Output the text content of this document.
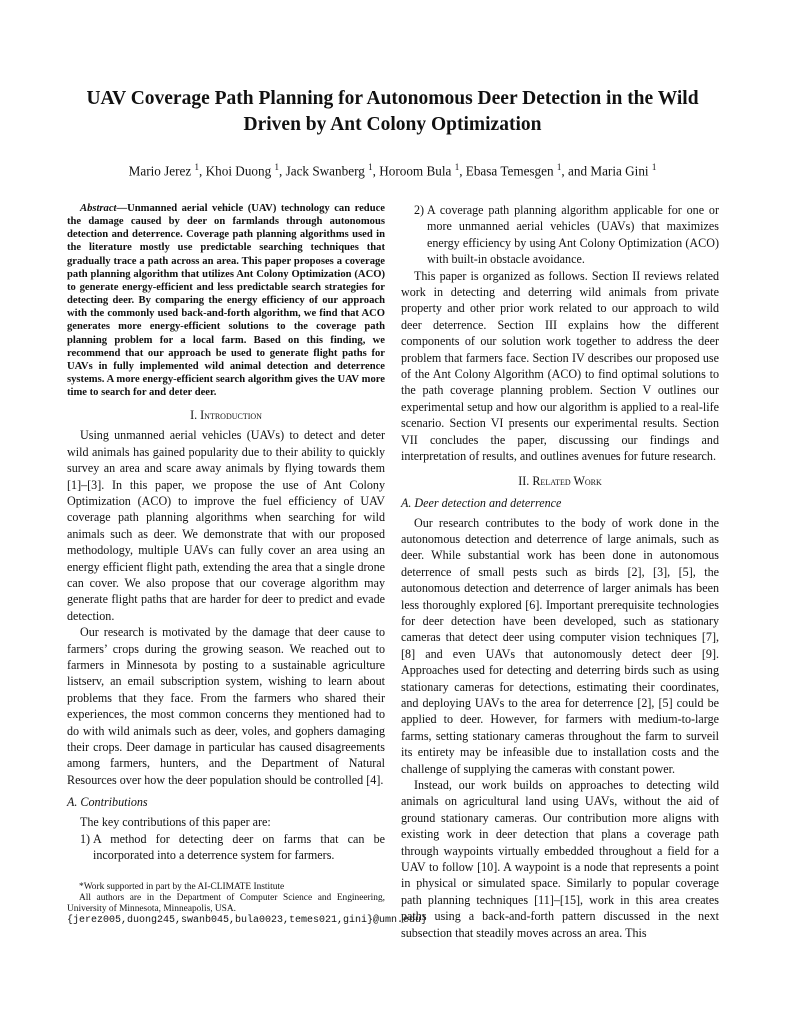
UAV Coverage Path Planning for Autonomous Deer Detection in the Wild Driven by Ant Colony Optimization
Mario Jerez $^1$, Khoi Duong $^1$, Jack Swanberg $^1$, Horoom Bula $^1$, Ebasa Temesgen $^1$, and Maria Gini $^1$

Abstract—Unmanned aerial vehicle (UAV) technology can reduce the damage caused by deer on farmlands through autonomous detection and deterrence. Coverage path planning algorithms used in the literature mostly use predictable searching techniques that gradually trace a path across an area. This paper proposes a coverage path planning algorithm that utilizes Ant Colony Optimization (ACO) to generate energy-efficient and less predictable search strategies for detecting deer. By comparing the energy efficiency of our approach with the commonly used back-and-forth algorithm, we find that ACO generates more energy-efficient solutions to the coverage path planning problem for a local farm. Based on this finding, we recommend that our approach be used to generate flight paths for UAVs in fully implemented wild animal detection and deterrence systems. A more energy-efficient search algorithm gives the UAV more time to search for and deter deer.

I. Introduction

Using unmanned aerial vehicles (UAVs) to detect and deter wild animals has gained popularity due to their ability to quickly survey an area and scare away animals by flying towards them [1]–[3]. In this paper, we propose the use of Ant Colony Optimization (ACO) to improve the fuel efficiency of UAV coverage path planning algorithms when searching for wild animals such as deer. We demonstrate that with our proposed methodology, multiple UAVs can fully cover an area using an energy efficient flight path, extending the area that a single drone can cover. We also propose that our coverage algorithm may generate flight paths that are harder for deer to predict and evade detection.

Our research is motivated by the damage that deer cause to farmers’ crops during the growing season. We reached out to farmers in Minnesota by posting to a sustainable agriculture listserv, an email subscription system, wishing to learn about problems that they face. From the farmers who shared their experiences, the most common concerns they mentioned had to do with wild animals such as deer, voles, and gophers damaging their crops. Deer damage in particular has caused disagreements among farmers, hunters, and the Department of Natural Resources over how the deer population should be controlled [4].

A. Contributions

The key contributions of this paper are:

1) A method for detecting deer on farms that can be incorporated into a deterrence system for farmers.

*Work supported in part by the AI-CLIMATE Institute

All authors are in the Department of Computer Science and Engineering, University of Minnesota, Minneapolis, USA.

{jerez005,duong245,swanb045,bula0023,temes021,gini}@umn.edu}

2) A coverage path planning algorithm applicable for one or more unmanned aerial vehicles (UAVs) that maximizes energy efficiency by using Ant Colony Optimization (ACO) with built-in obstacle avoidance.

This paper is organized as follows. Section II reviews related work in detecting and deterring wild animals from private property and other prior work related to our approach to wild deer deterrence. Section III explains how the different components of our solution work together to address the deer problem that farmers face. Section IV describes our proposed use of the Ant Colony Algorithm (ACO) to find optimal solutions to the path coverage planning problem. Section V outlines our experimental setup and how our algorithm is applied to a real-life scenario. Section VI presents our experimental results. Section VII concludes the paper, discussing our findings and interpretation of results, and outlines avenues for future research.

II. Related Work
A. Deer detection and deterrence

Our research contributes to the body of work done in the autonomous detection and deterrence of large animals, such as deer. While substantial work has been done in autonomous deterrence of small pests such as birds [2], [3], [5], the autonomous detection and deterrence of larger animals has been less thoroughly explored [6]. Important prerequisite technologies for deer detection have been developed, such as stationary cameras that detect deer using computer vision techniques [7], [8] and even UAVs that autonomously detect deer [9]. Approaches used for detecting and deterring birds such as using stationary cameras for detections, estimating their coordinates, and deploying UAVs to the area for deterrence [2], [5] could be applied to deer. However, for farmers with medium-to-large farms, setting stationary cameras throughout the farm to surveil its entirety may be infeasible due to installation costs and the challenge of supplying the cameras with constant power.

Instead, our work builds on approaches to detecting wild animals on agricultural land using UAVs, without the aid of ground stationary cameras. Our contribution more aligns with existing work in deer detection that plans a coverage path through waypoints virtually embedded throughout a field for a UAV to follow [10]. A waypoint is a node that represents a point in physical or simulated space. Similarly to popular coverage path planning techniques [11]–[15], work in this area creates paths using a back-and-forth pattern discussed in the next subsection that steadily moves across an area. This
